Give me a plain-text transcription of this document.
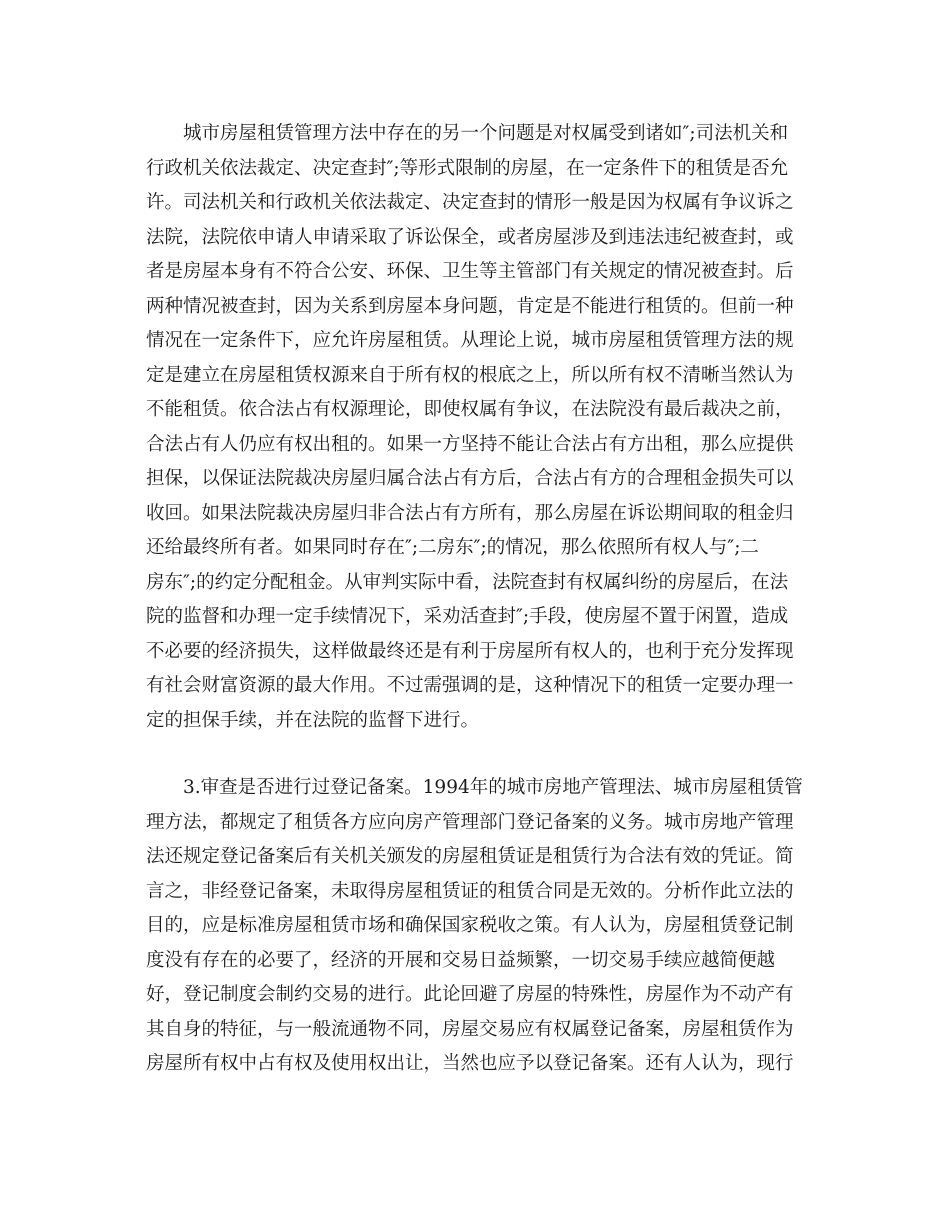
　　城市房屋租赁管理方法中存在的另一个问题是对权属受到诸如″;司法机关和
行政机关依法裁定、决定查封″;等形式限制的房屋，在一定条件下的租赁是否允
许。司法机关和行政机关依法裁定、决定查封的情形一般是因为权属有争议诉之
法院，法院依申请人申请采取了诉讼保全，或者房屋涉及到违法违纪被查封，或
者是房屋本身有不符合公安、环保、卫生等主管部门有关规定的情况被查封。后
两种情况被查封，因为关系到房屋本身问题，肯定是不能进行租赁的。但前一种
情况在一定条件下，应允许房屋租赁。从理论上说，城市房屋租赁管理方法的规
定是建立在房屋租赁权源来自于所有权的根底之上，所以所有权不清晰当然认为
不能租赁。依合法占有权源理论，即使权属有争议，在法院没有最后裁决之前，
合法占有人仍应有权出租的。如果一方坚持不能让合法占有方出租，那么应提供
担保，以保证法院裁决房屋归属合法占有方后，合法占有方的合理租金损失可以
收回。如果法院裁决房屋归非合法占有方所有，那么房屋在诉讼期间取的租金归
还给最终所有者。如果同时存在″;二房东″;的情况，那么依照所有权人与″;二
房东″;的约定分配租金。从审判实际中看，法院查封有权属纠纷的房屋后，在法
院的监督和办理一定手续情况下，采劝活查封″;手段，使房屋不置于闲置，造成
不必要的经济损失，这样做最终还是有利于房屋所有权人的，也利于充分发挥现
有社会财富资源的最大作用。不过需强调的是，这种情况下的租赁一定要办理一
定的担保手续，并在法院的监督下进行。
　　3.审查是否进行过登记备案。1994年的城市房地产管理法、城市房屋租赁管
理方法，都规定了租赁各方应向房产管理部门登记备案的义务。城市房地产管理
法还规定登记备案后有关机关颁发的房屋租赁证是租赁行为合法有效的凭证。简
言之，非经登记备案，未取得房屋租赁证的租赁合同是无效的。分析作此立法的
目的，应是标准房屋租赁市场和确保国家税收之策。有人认为，房屋租赁登记制
度没有存在的必要了，经济的开展和交易日益频繁，一切交易手续应越简便越
好，登记制度会制约交易的进行。此论回避了房屋的特殊性，房屋作为不动产有
其自身的特征，与一般流通物不同，房屋交易应有权属登记备案，房屋租赁作为
房屋所有权中占有权及使用权出让，当然也应予以登记备案。还有人认为，现行
